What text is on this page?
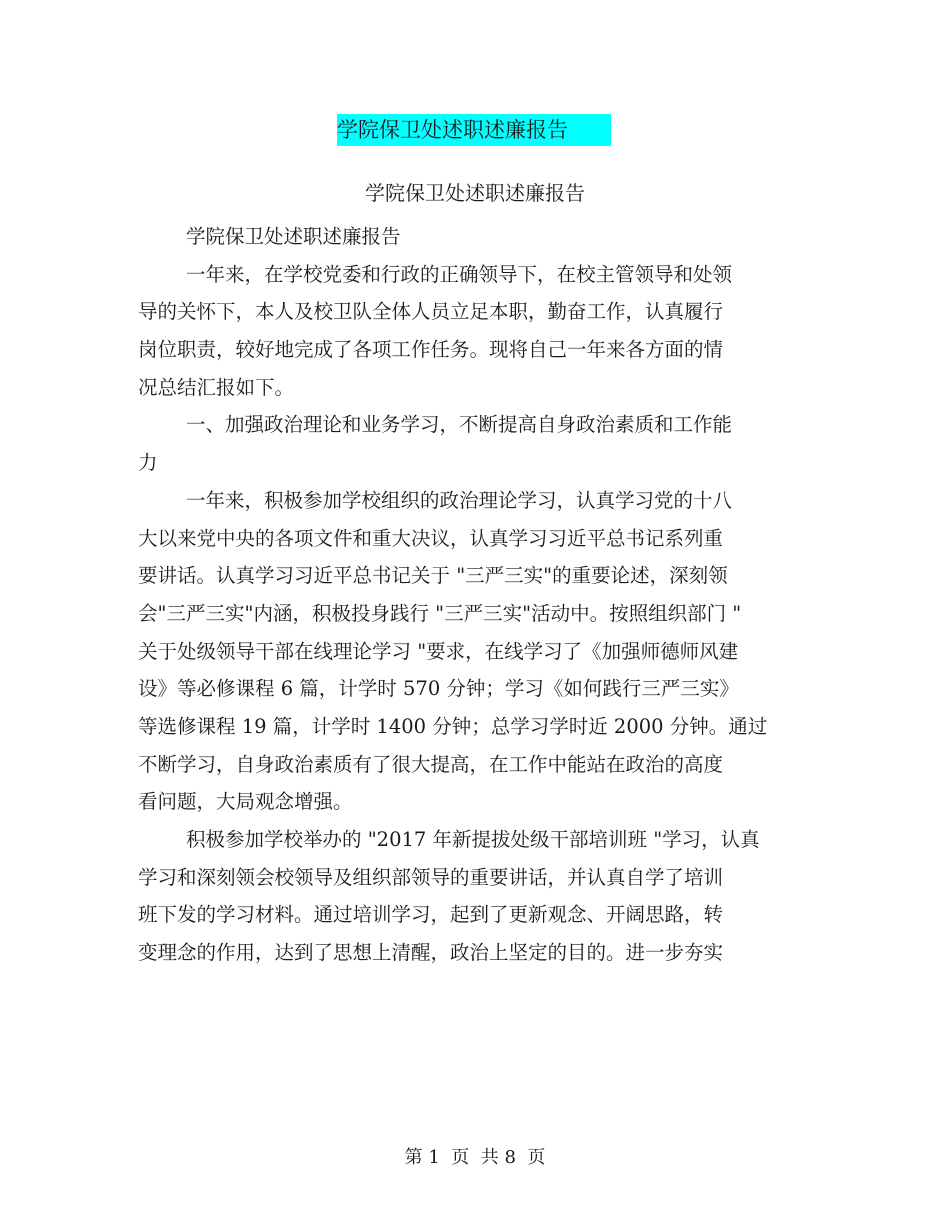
学院保卫处述职述廉报告
学院保卫处述职述廉报告
学院保卫处述职述廉报告
一年来，在学校党委和行政的正确领导下，在校主管领导和处领
导的关怀下，本人及校卫队全体人员立足本职，勤奋工作，认真履行
岗位职责，较好地完成了各项工作任务。现将自己一年来各方面的情
况总结汇报如下。
一、加强政治理论和业务学习，不断提高自身政治素质和工作能
力
一年来，积极参加学校组织的政治理论学习，认真学习党的十八
大以来党中央的各项文件和重大决议，认真学习习近平总书记系列重
要讲话。认真学习习近平总书记关于 "三严三实"的重要论述，深刻领
会"三严三实"内涵，积极投身践行 "三严三实"活动中。按照组织部门 "
关于处级领导干部在线理论学习 "要求，在线学习了《加强师德师风建
设》等必修课程 6 篇，计学时 570 分钟；学习《如何践行三严三实》
等选修课程 19 篇，计学时 1400 分钟；总学习学时近 2000 分钟。通过
不断学习，自身政治素质有了很大提高，在工作中能站在政治的高度
看问题，大局观念增强。
积极参加学校举办的 "2017 年新提拔处级干部培训班 "学习，认真
学习和深刻领会校领导及组织部领导的重要讲话，并认真自学了培训
班下发的学习材料。通过培训学习，起到了更新观念、开阔思路，转
变理念的作用，达到了思想上清醒，政治上坚定的目的。进一步夯实
第 1  页  共 8  页
